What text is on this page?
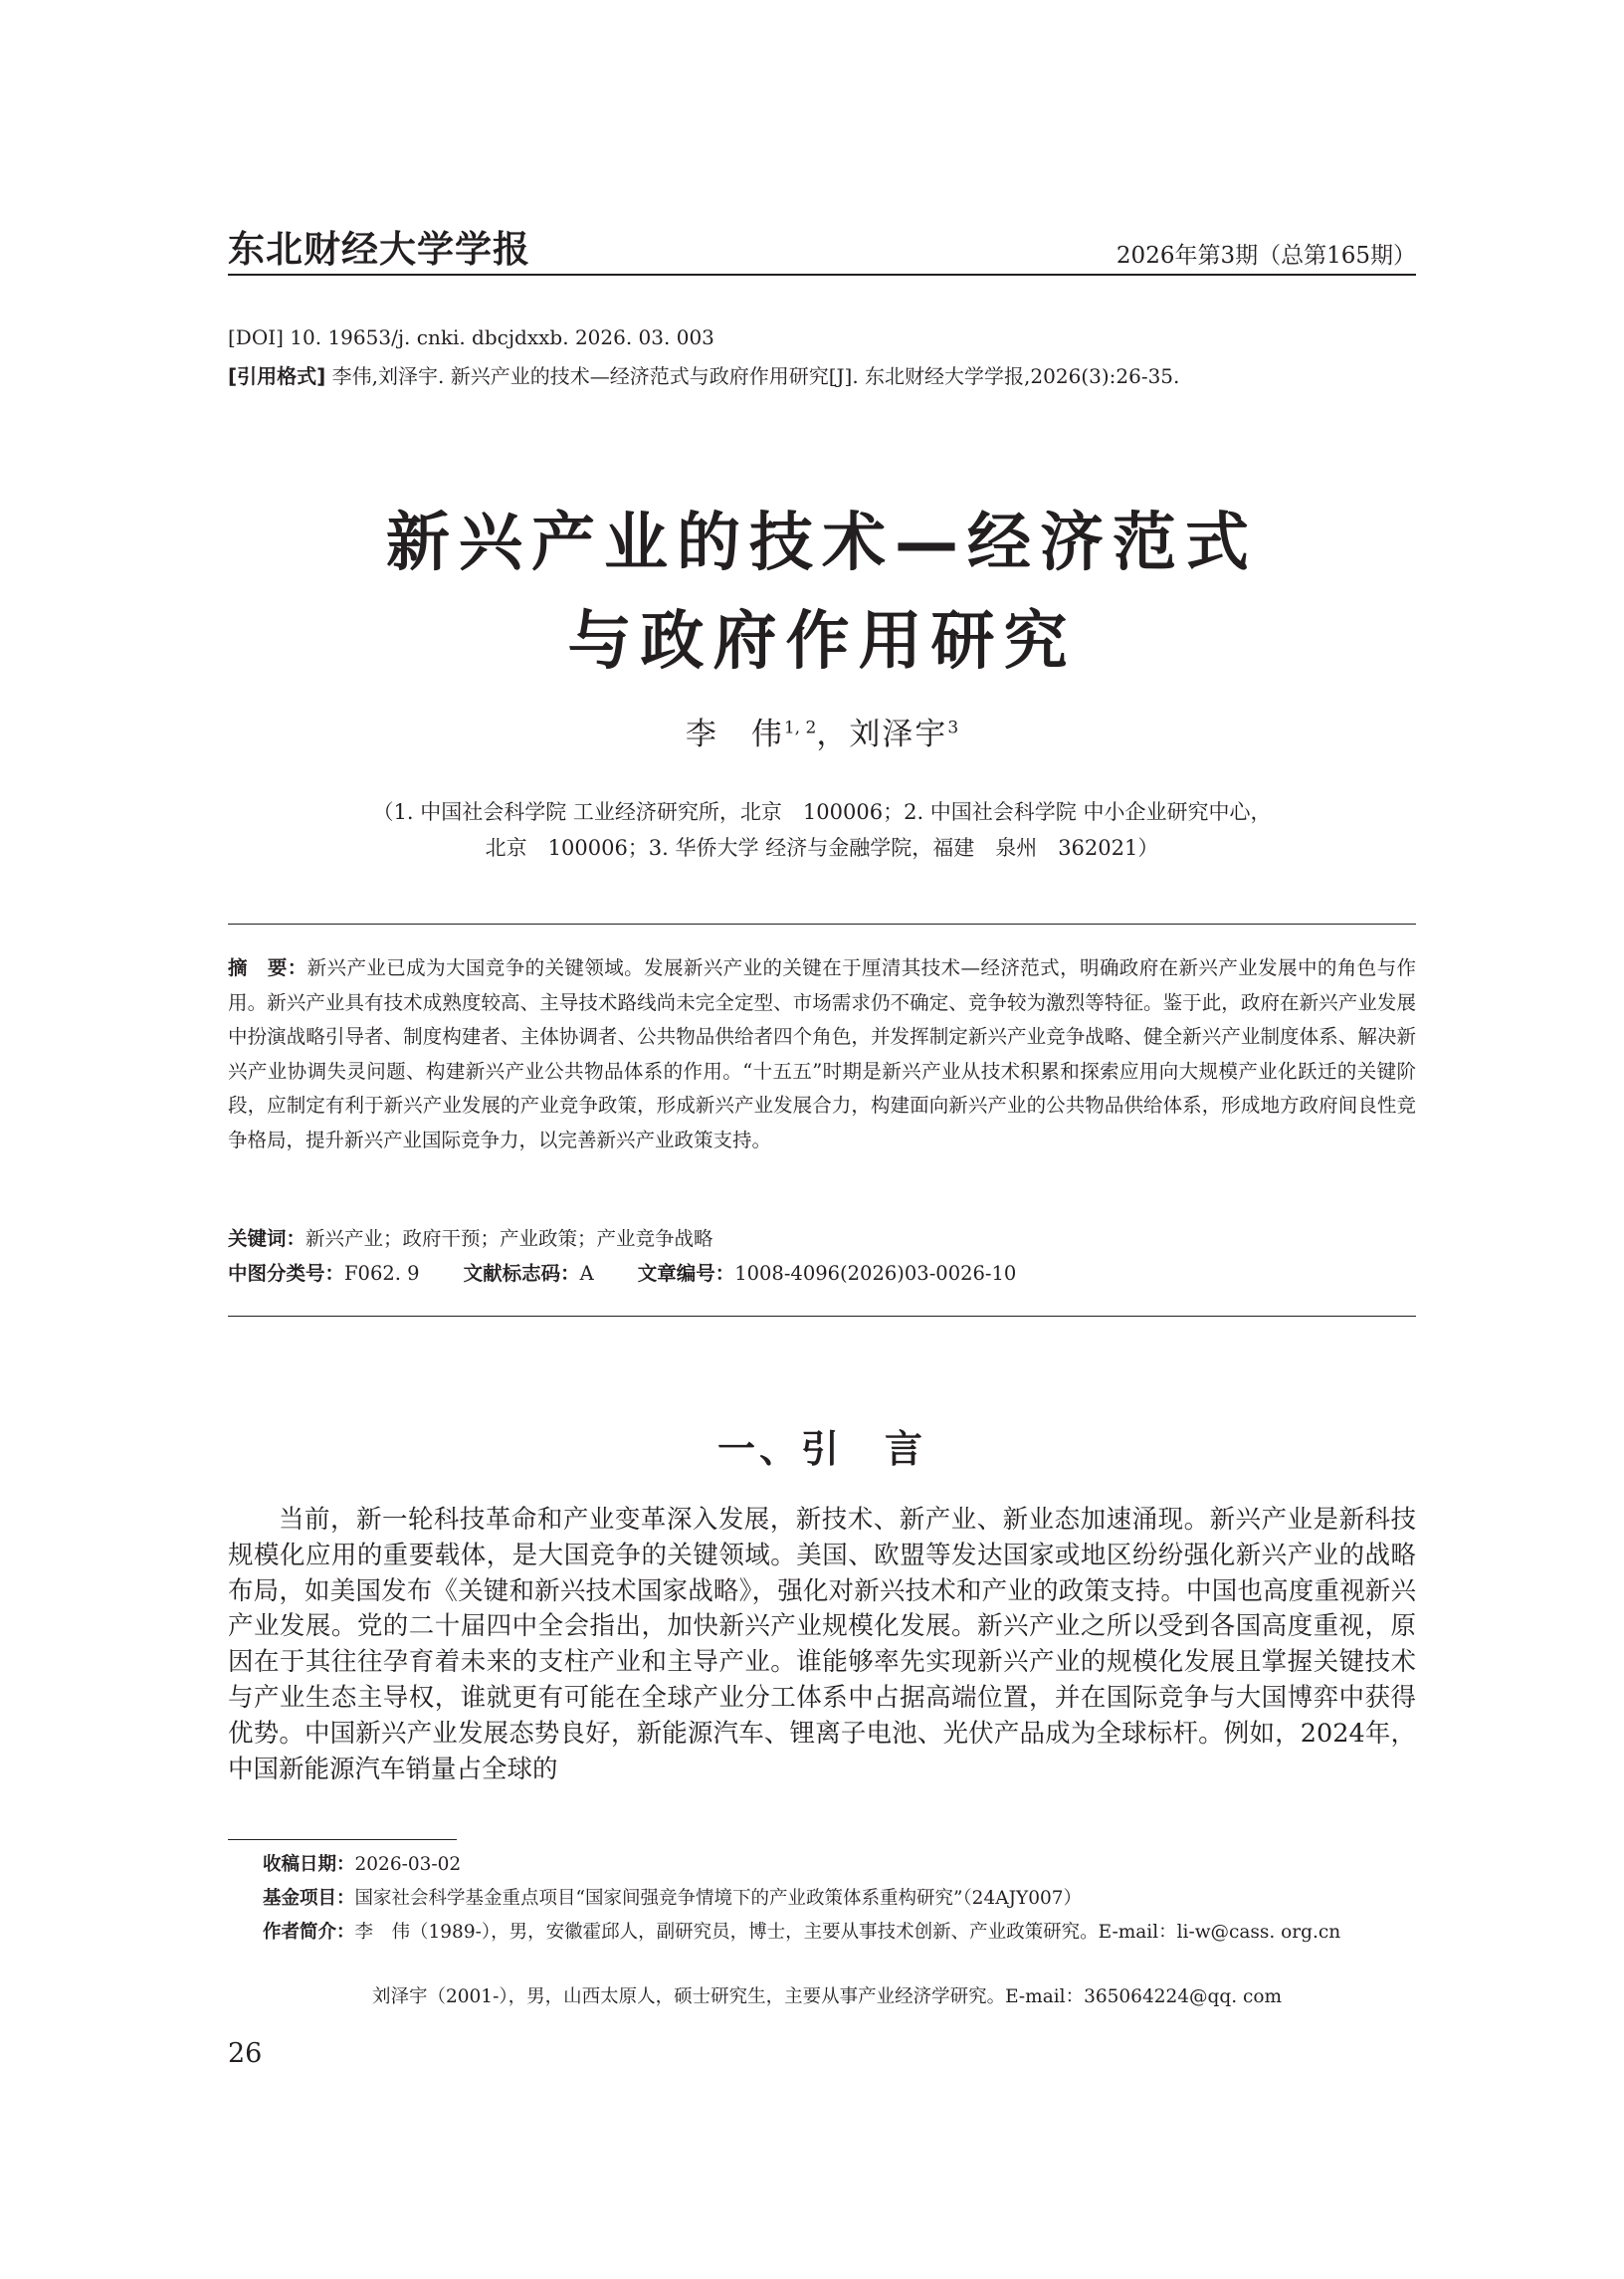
东北财经大学学报	2026年第3期（总第165期）
[DOI] 10. 19653/j. cnki. dbcjdxxb. 2026. 03. 003
[引用格式] 李伟,刘泽宇. 新兴产业的技术—经济范式与政府作用研究[J]. 东北财经大学学报,2026(3):26-35.
新兴产业的技术—经济范式
与政府作用研究
李　伟$^{1, 2}$，刘泽宇$^3$
（1. 中国社会科学院 工业经济研究所，北京　100006；2. 中国社会科学院 中小企业研究中心，
北京　100006；3. 华侨大学 经济与金融学院，福建　泉州　362021）
摘　要：新兴产业已成为大国竞争的关键领域。发展新兴产业的关键在于厘清其技术—经济范式，明确政府在新兴产业发展中的角色与作用。新兴产业具有技术成熟度较高、主导技术路线尚未完全定型、市场需求仍不确定、竞争较为激烈等特征。鉴于此，政府在新兴产业发展中扮演战略引导者、制度构建者、主体协调者、公共物品供给者四个角色，并发挥制定新兴产业竞争战略、健全新兴产业制度体系、解决新兴产业协调失灵问题、构建新兴产业公共物品体系的作用。“十五五”时期是新兴产业从技术积累和探索应用向大规模产业化跃迁的关键阶段，应制定有利于新兴产业发展的产业竞争政策，形成新兴产业发展合力，构建面向新兴产业的公共物品供给体系，形成地方政府间良性竞争格局，提升新兴产业国际竞争力，以完善新兴产业政策支持。
关键词：新兴产业；政府干预；产业政策；产业竞争战略
中图分类号：F062. 9 文献标志码：A 文章编号：1008-4096(2026)03-0026-10
一、引　言

当前，新一轮科技革命和产业变革深入发展，新技术、新产业、新业态加速涌现。新兴产业是新科技规模化应用的重要载体，是大国竞争的关键领域。美国、欧盟等发达国家或地区纷纷强化新兴产业的战略布局，如美国发布《关键和新兴技术国家战略》，强化对新兴技术和产业的政策支持。中国也高度重视新兴产业发展。党的二十届四中全会指出，加快新兴产业规模化发展。新兴产业之所以受到各国高度重视，原因在于其往往孕育着未来的支柱产业和主导产业。谁能够率先实现新兴产业的规模化发展且掌握关键技术与产业生态主导权，谁就更有可能在全球产业分工体系中占据高端位置，并在国际竞争与大国博弈中获得优势。中国新兴产业发展态势良好，新能源汽车、锂离子电池、光伏产品成为全球标杆。例如，2024年，中国新能源汽车销量占全球的

收稿日期：2026-03-02
基金项目：国家社会科学基金重点项目“国家间强竞争情境下的产业政策体系重构研究”（24AJY007）
作者简介：李　伟（1989-），男，安徽霍邱人，副研究员，博士，主要从事技术创新、产业政策研究。E-mail：li-w@cass. org.cn
刘泽宇（2001-），男，山西太原人，硕士研究生，主要从事产业经济学研究。E-mail：365064224@qq. com
26
